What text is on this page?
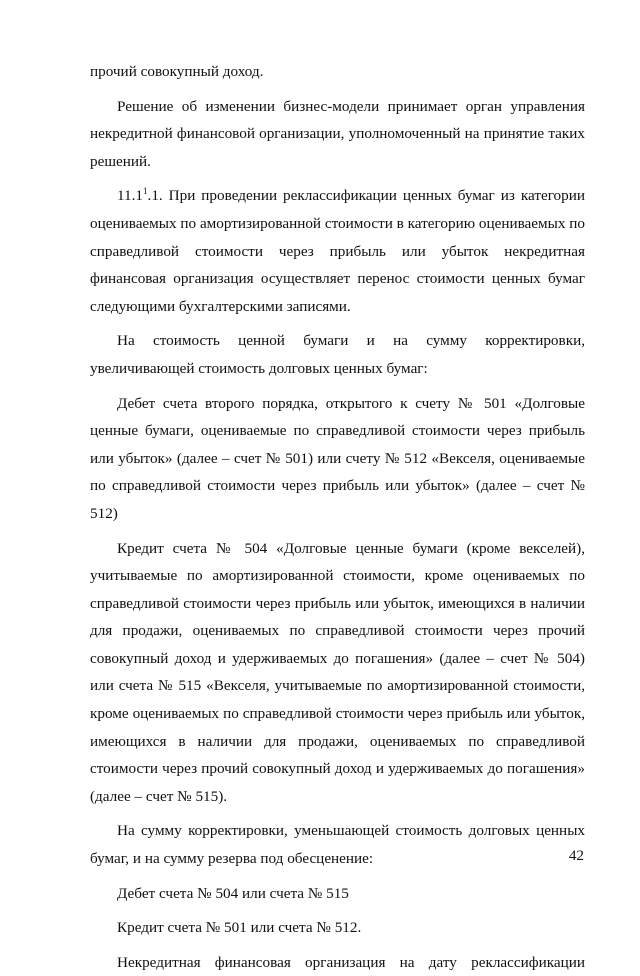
прочий совокупный доход.

Решение об изменении бизнес-модели принимает орган управления некредитной финансовой организации, уполномоченный на принятие таких решений.

11.1$^1$.1. При проведении реклассификации ценных бумаг из категории оцениваемых по амортизированной стоимости в категорию оцениваемых по справедливой стоимости через прибыль или убыток некредитная финансовая организация осуществляет перенос стоимости ценных бумаг следующими бухгалтерскими записями.

На стоимость ценной бумаги и на сумму корректировки, увеличивающей стоимость долговых ценных бумаг:

Дебет счета второго порядка, открытого к счету № 501 «Долговые ценные бумаги, оцениваемые по справедливой стоимости через прибыль или убыток» (далее – счет № 501) или счету № 512 «Векселя, оцениваемые по справедливой стоимости через прибыль или убыток» (далее – счет № 512)

Кредит счета № 504 «Долговые ценные бумаги (кроме векселей), учитываемые по амортизированной стоимости, кроме оцениваемых по справедливой стоимости через прибыль или убыток, имеющихся в наличии для продажи, оцениваемых по справедливой стоимости через прочий совокупный доход и удерживаемых до погашения» (далее – счет № 504) или счета № 515 «Векселя, учитываемые по амортизированной стоимости, кроме оцениваемых по справедливой стоимости через прибыль или убыток, имеющихся в наличии для продажи, оцениваемых по справедливой стоимости через прочий совокупный доход и удерживаемых до погашения» (далее – счет № 515).

На сумму корректировки, уменьшающей стоимость долговых ценных бумаг, и на сумму резерва под обесценение:

Дебет счета № 504 или счета № 515

Кредит счета № 501 или счета № 512.

Некредитная финансовая организация на дату реклассификации

42
